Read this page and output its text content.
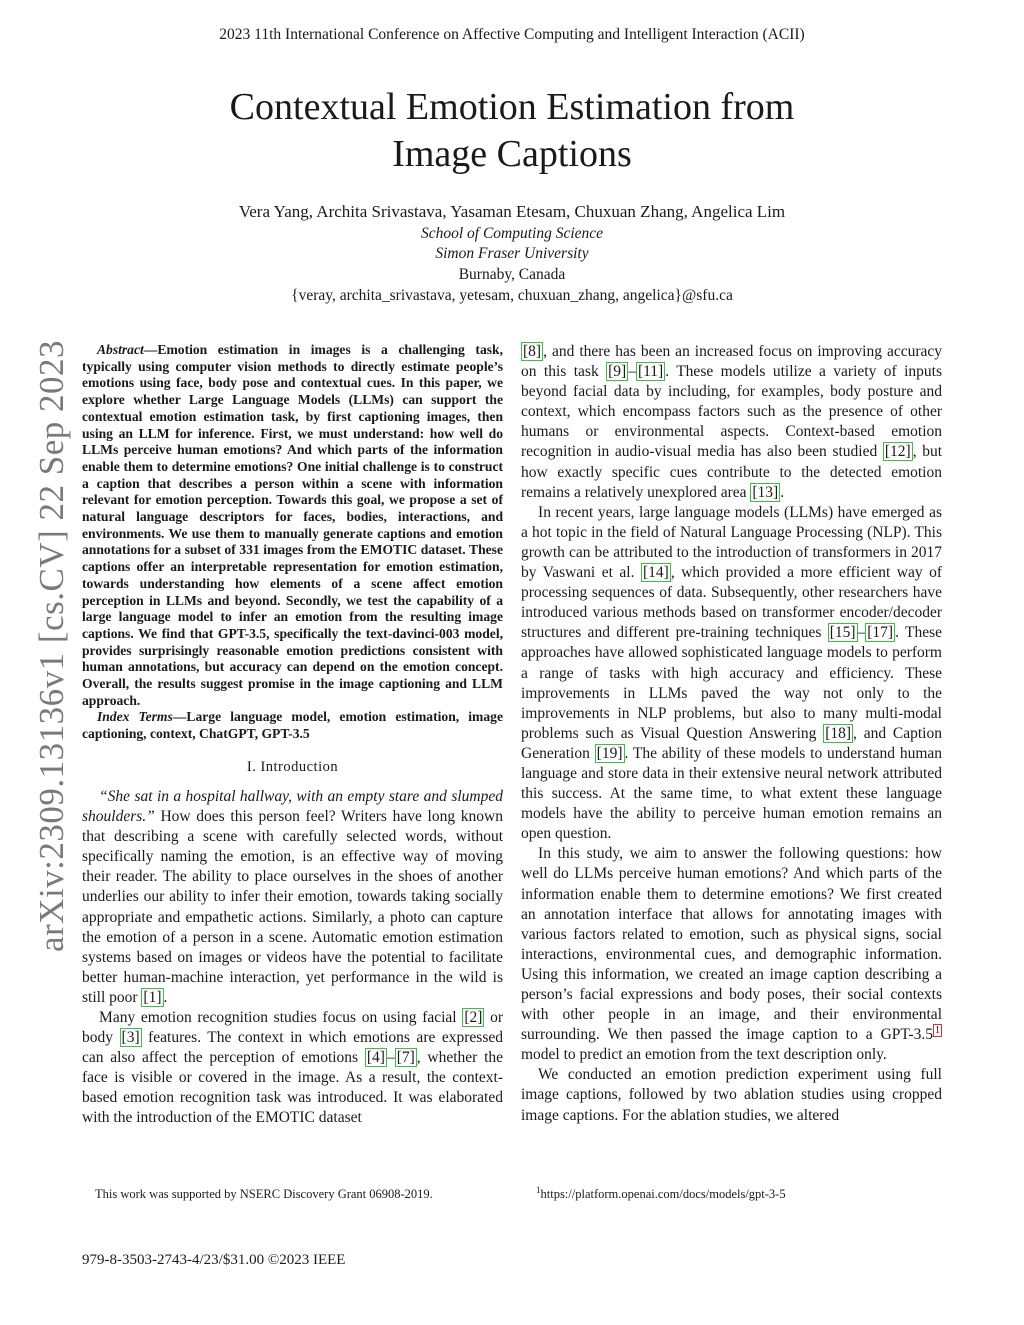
2023 11th International Conference on Affective Computing and Intelligent Interaction (ACII)
Contextual Emotion Estimation from
Image Captions
Vera Yang, Archita Srivastava, Yasaman Etesam, Chuxuan Zhang, Angelica Lim
School of Computing Science
Simon Fraser University
Burnaby, Canada
{veray, archita_srivastava, yetesam, chuxuan_zhang, angelica}@sfu.ca
arXiv:2309.13136v1 [cs.CV] 22 Sep 2023	Abstract—Emotion estimation in images is a challenging task, typically using computer vision methods to directly estimate people’s emotions using face, body pose and contextual cues. In this paper, we explore whether Large Language Models (LLMs) can support the contextual emotion estimation task, by first captioning images, then using an LLM for inference. First, we must understand: how well do LLMs perceive human emotions? And which parts of the information enable them to determine emotions? One initial challenge is to construct a caption that describes a person within a scene with information relevant for emotion perception. Towards this goal, we propose a set of natural language descriptors for faces, bodies, interactions, and environments. We use them to manually generate captions and emotion annotations for a subset of 331 images from the EMOTIC dataset. These captions offer an interpretable representation for emotion estimation, towards understanding how elements of a scene affect emotion perception in LLMs and beyond. Secondly, we test the capability of a large language model to infer an emotion from the resulting image captions. We find that GPT-3.5, specifically the text-davinci-003 model, provides surprisingly reasonable emotion predictions consistent with human annotations, but accuracy can depend on the emotion concept. Overall, the results suggest promise in the image captioning and LLM approach.

Index Terms—Large language model, emotion estimation, image captioning, context, ChatGPT, GPT-3.5

I. Introduction

“She sat in a hospital hallway, with an empty stare and slumped shoulders.” How does this person feel? Writers have long known that describing a scene with carefully selected words, without specifically naming the emotion, is an effective way of moving their reader. The ability to place ourselves in the shoes of another underlies our ability to infer their emotion, towards taking socially appropriate and empathetic actions. Similarly, a photo can capture the emotion of a person in a scene. Automatic emotion estimation systems based on images or videos have the potential to facilitate better human-machine interaction, yet performance in the wild is still poor [1] .

Many emotion recognition studies focus on using facial [2] or body [3] features. The context in which emotions are expressed can also affect the perception of emotions [4] – [7] , whether the face is visible or covered in the image. As a result, the context-based emotion recognition task was introduced. It was elaborated with the introduction of the EMOTIC dataset

[8] , and there has been an increased focus on improving accuracy on this task [9] – [11] . These models utilize a variety of inputs beyond facial data by including, for examples, body posture and context, which encompass factors such as the presence of other humans or environmental aspects. Context-based emotion recognition in audio-visual media has also been studied [12] , but how exactly specific cues contribute to the detected emotion remains a relatively unexplored area [13] .

In recent years, large language models (LLMs) have emerged as a hot topic in the field of Natural Language Processing (NLP). This growth can be attributed to the introduction of transformers in 2017 by Vaswani et al. [14] , which provided a more efficient way of processing sequences of data. Subsequently, other researchers have introduced various methods based on transformer encoder/decoder structures and different pre-training techniques [15] – [17] . These approaches have allowed sophisticated language models to perform a range of tasks with high accuracy and efficiency. These improvements in LLMs paved the way not only to the improvements in NLP problems, but also to many multi-modal problems such as Visual Question Answering [18] , and Caption Generation [19] . The ability of these models to understand human language and store data in their extensive neural network attributed this success. At the same time, to what extent these language models have the ability to perceive human emotion remains an open question.

In this study, we aim to answer the following questions: how well do LLMs perceive human emotions? And which parts of the information enable them to determine emotions? We first created an annotation interface that allows for annotating images with various factors related to emotion, such as physical signs, social interactions, environmental cues, and demographic information. Using this information, we created an image caption describing a person’s facial expressions and body poses, their social contexts with other people in an image, and their environmental surrounding. We then passed the image caption to a GPT-3.5 $^1$ model to predict an emotion from the text description only.

We conducted an emotion prediction experiment using full image captions, followed by two ablation studies using cropped image captions. For the ablation studies, we altered

This work was supported by NSERC Discovery Grant 06908-2019.	$^1$https://platform.openai.com/docs/models/gpt-3-5
979-8-3503-2743-4/23/$31.00 ©2023 IEEE
